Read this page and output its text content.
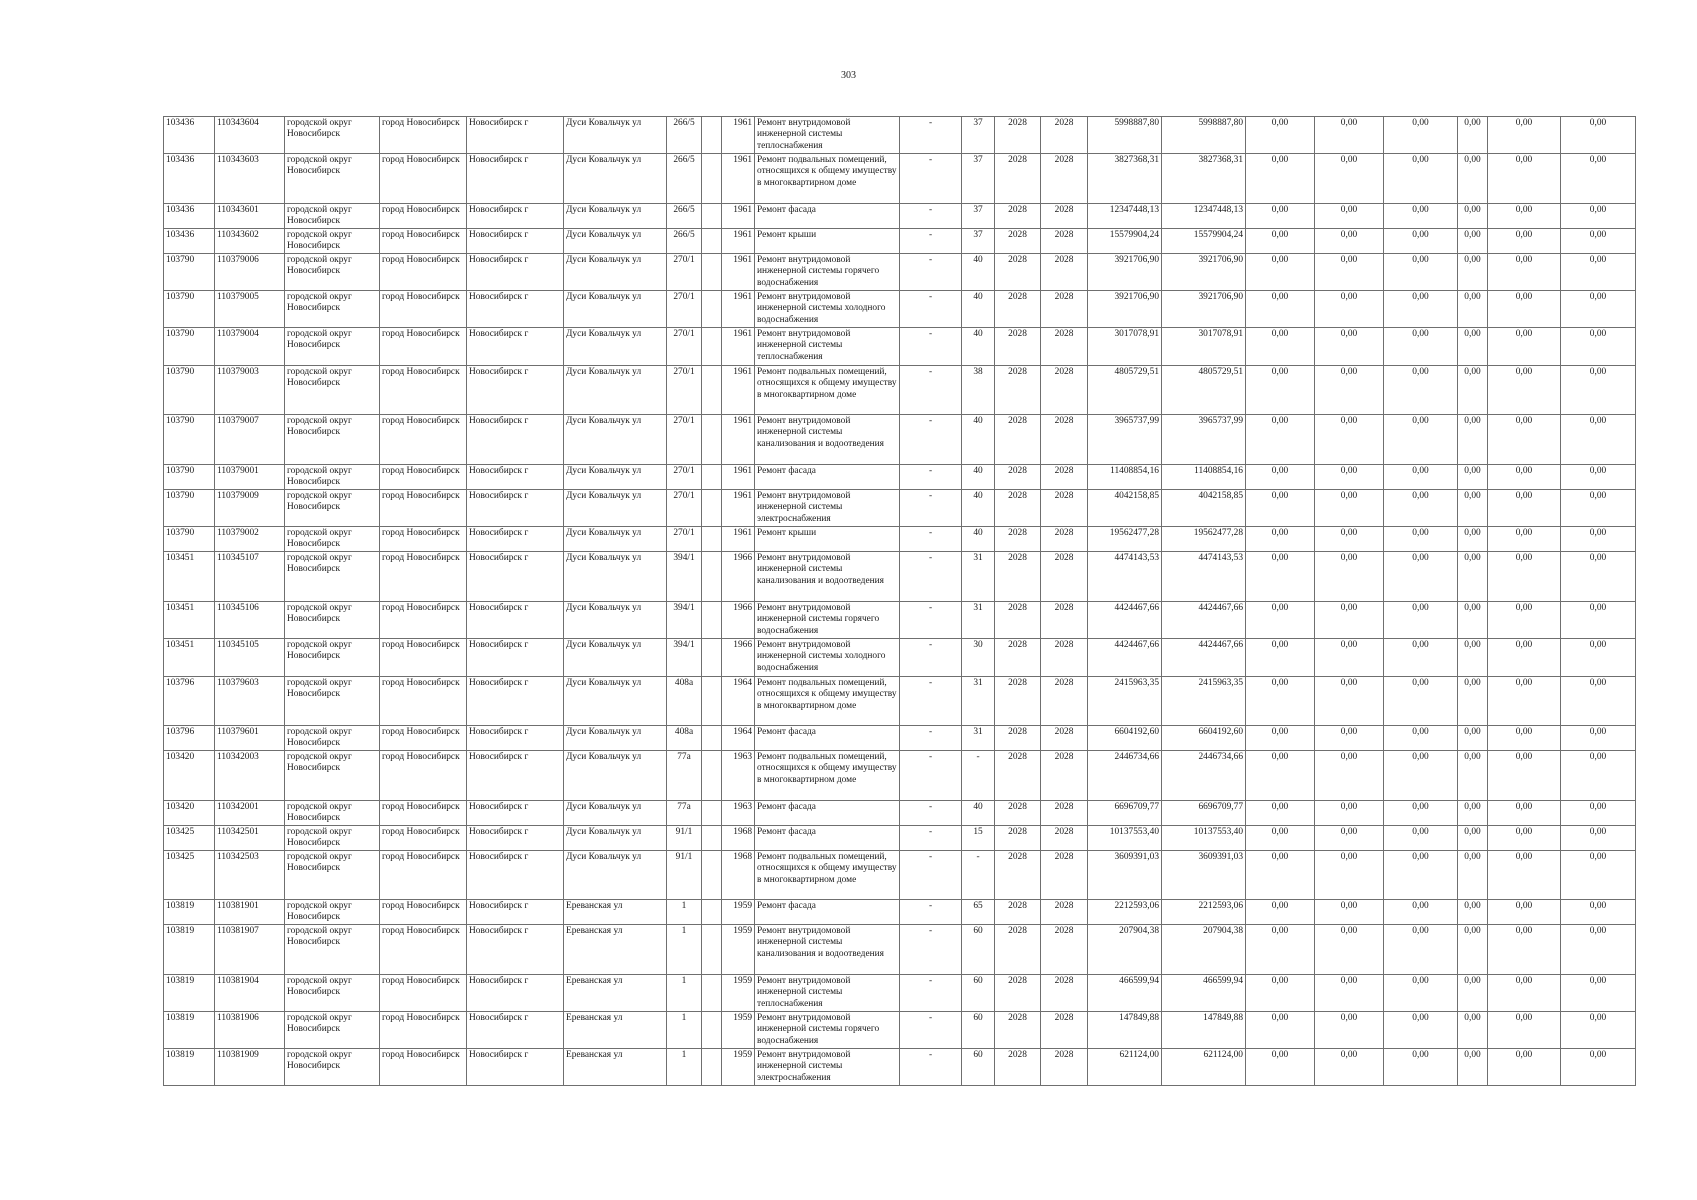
303
103436	110343604	городской округ Новосибирск	город Новосибирск	Новосибирск г	Дуси Ковальчук ул	266/5		1961	Ремонт внутридомовой инженерной системы теплоснабжения	-	37	2028	2028	5998887,80	5998887,80	0,00	0,00	0,00	0,00	0,00	0,00
103436	110343603	городской округ Новосибирск	город Новосибирск	Новосибирск г	Дуси Ковальчук ул	266/5		1961	Ремонт подвальных помещений, относящихся к общему имуществу в многоквартирном доме	-	37	2028	2028	3827368,31	3827368,31	0,00	0,00	0,00	0,00	0,00	0,00
103436	110343601	городской округ Новосибирск	город Новосибирск	Новосибирск г	Дуси Ковальчук ул	266/5		1961	Ремонт фасада	-	37	2028	2028	12347448,13	12347448,13	0,00	0,00	0,00	0,00	0,00	0,00
103436	110343602	городской округ Новосибирск	город Новосибирск	Новосибирск г	Дуси Ковальчук ул	266/5		1961	Ремонт крыши	-	37	2028	2028	15579904,24	15579904,24	0,00	0,00	0,00	0,00	0,00	0,00
103790	110379006	городской округ Новосибирск	город Новосибирск	Новосибирск г	Дуси Ковальчук ул	270/1		1961	Ремонт внутридомовой инженерной системы горячего водоснабжения	-	40	2028	2028	3921706,90	3921706,90	0,00	0,00	0,00	0,00	0,00	0,00
103790	110379005	городской округ Новосибирск	город Новосибирск	Новосибирск г	Дуси Ковальчук ул	270/1		1961	Ремонт внутридомовой инженерной системы холодного водоснабжения	-	40	2028	2028	3921706,90	3921706,90	0,00	0,00	0,00	0,00	0,00	0,00
103790	110379004	городской округ Новосибирск	город Новосибирск	Новосибирск г	Дуси Ковальчук ул	270/1		1961	Ремонт внутридомовой инженерной системы теплоснабжения	-	40	2028	2028	3017078,91	3017078,91	0,00	0,00	0,00	0,00	0,00	0,00
103790	110379003	городской округ Новосибирск	город Новосибирск	Новосибирск г	Дуси Ковальчук ул	270/1		1961	Ремонт подвальных помещений, относящихся к общему имуществу в многоквартирном доме	-	38	2028	2028	4805729,51	4805729,51	0,00	0,00	0,00	0,00	0,00	0,00
103790	110379007	городской округ Новосибирск	город Новосибирск	Новосибирск г	Дуси Ковальчук ул	270/1		1961	Ремонт внутридомовой инженерной системы канализования и водоотведения	-	40	2028	2028	3965737,99	3965737,99	0,00	0,00	0,00	0,00	0,00	0,00
103790	110379001	городской округ Новосибирск	город Новосибирск	Новосибирск г	Дуси Ковальчук ул	270/1		1961	Ремонт фасада	-	40	2028	2028	11408854,16	11408854,16	0,00	0,00	0,00	0,00	0,00	0,00
103790	110379009	городской округ Новосибирск	город Новосибирск	Новосибирск г	Дуси Ковальчук ул	270/1		1961	Ремонт внутридомовой инженерной системы электроснабжения	-	40	2028	2028	4042158,85	4042158,85	0,00	0,00	0,00	0,00	0,00	0,00
103790	110379002	городской округ Новосибирск	город Новосибирск	Новосибирск г	Дуси Ковальчук ул	270/1		1961	Ремонт крыши	-	40	2028	2028	19562477,28	19562477,28	0,00	0,00	0,00	0,00	0,00	0,00
103451	110345107	городской округ Новосибирск	город Новосибирск	Новосибирск г	Дуси Ковальчук ул	394/1		1966	Ремонт внутридомовой инженерной системы канализования и водоотведения	-	31	2028	2028	4474143,53	4474143,53	0,00	0,00	0,00	0,00	0,00	0,00
103451	110345106	городской округ Новосибирск	город Новосибирск	Новосибирск г	Дуси Ковальчук ул	394/1		1966	Ремонт внутридомовой инженерной системы горячего водоснабжения	-	31	2028	2028	4424467,66	4424467,66	0,00	0,00	0,00	0,00	0,00	0,00
103451	110345105	городской округ Новосибирск	город Новосибирск	Новосибирск г	Дуси Ковальчук ул	394/1		1966	Ремонт внутридомовой инженерной системы холодного водоснабжения	-	30	2028	2028	4424467,66	4424467,66	0,00	0,00	0,00	0,00	0,00	0,00
103796	110379603	городской округ Новосибирск	город Новосибирск	Новосибирск г	Дуси Ковальчук ул	408а		1964	Ремонт подвальных помещений, относящихся к общему имуществу в многоквартирном доме	-	31	2028	2028	2415963,35	2415963,35	0,00	0,00	0,00	0,00	0,00	0,00
103796	110379601	городской округ Новосибирск	город Новосибирск	Новосибирск г	Дуси Ковальчук ул	408а		1964	Ремонт фасада	-	31	2028	2028	6604192,60	6604192,60	0,00	0,00	0,00	0,00	0,00	0,00
103420	110342003	городской округ Новосибирск	город Новосибирск	Новосибирск г	Дуси Ковальчук ул	77а		1963	Ремонт подвальных помещений, относящихся к общему имуществу в многоквартирном доме	-	-	2028	2028	2446734,66	2446734,66	0,00	0,00	0,00	0,00	0,00	0,00
103420	110342001	городской округ Новосибирск	город Новосибирск	Новосибирск г	Дуси Ковальчук ул	77а		1963	Ремонт фасада	-	40	2028	2028	6696709,77	6696709,77	0,00	0,00	0,00	0,00	0,00	0,00
103425	110342501	городской округ Новосибирск	город Новосибирск	Новосибирск г	Дуси Ковальчук ул	91/1		1968	Ремонт фасада	-	15	2028	2028	10137553,40	10137553,40	0,00	0,00	0,00	0,00	0,00	0,00
103425	110342503	городской округ Новосибирск	город Новосибирск	Новосибирск г	Дуси Ковальчук ул	91/1		1968	Ремонт подвальных помещений, относящихся к общему имуществу в многоквартирном доме	-	-	2028	2028	3609391,03	3609391,03	0,00	0,00	0,00	0,00	0,00	0,00
103819	110381901	городской округ Новосибирск	город Новосибирск	Новосибирск г	Ереванская ул	1		1959	Ремонт фасада	-	65	2028	2028	2212593,06	2212593,06	0,00	0,00	0,00	0,00	0,00	0,00
103819	110381907	городской округ Новосибирск	город Новосибирск	Новосибирск г	Ереванская ул	1		1959	Ремонт внутридомовой инженерной системы канализования и водоотведения	-	60	2028	2028	207904,38	207904,38	0,00	0,00	0,00	0,00	0,00	0,00
103819	110381904	городской округ Новосибирск	город Новосибирск	Новосибирск г	Ереванская ул	1		1959	Ремонт внутридомовой инженерной системы теплоснабжения	-	60	2028	2028	466599,94	466599,94	0,00	0,00	0,00	0,00	0,00	0,00
103819	110381906	городской округ Новосибирск	город Новосибирск	Новосибирск г	Ереванская ул	1		1959	Ремонт внутридомовой инженерной системы горячего водоснабжения	-	60	2028	2028	147849,88	147849,88	0,00	0,00	0,00	0,00	0,00	0,00
103819	110381909	городской округ Новосибирск	город Новосибирск	Новосибирск г	Ереванская ул	1		1959	Ремонт внутридомовой инженерной системы электроснабжения	-	60	2028	2028	621124,00	621124,00	0,00	0,00	0,00	0,00	0,00	0,00
